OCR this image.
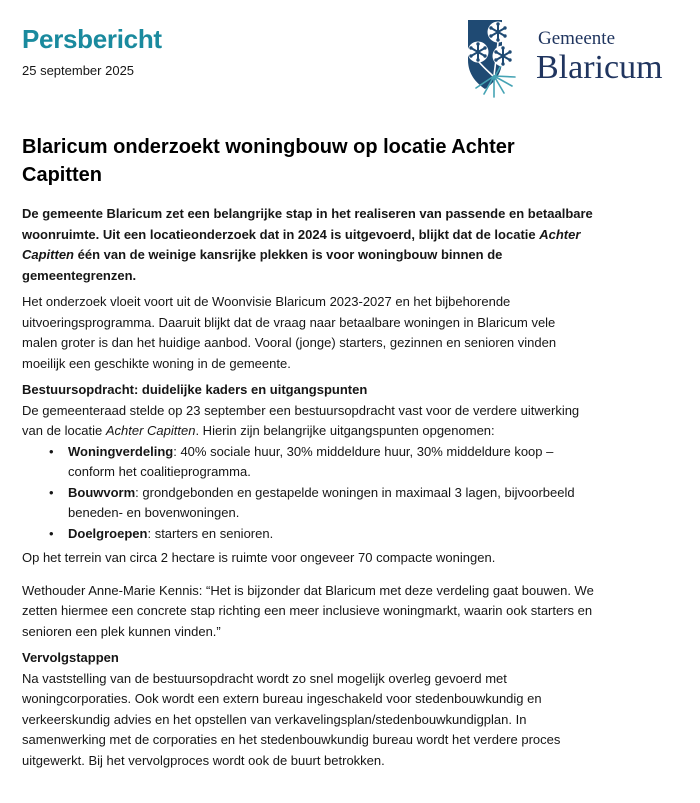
Persbericht
25 september 2025
Gemeente
Blaricum
Blaricum onderzoekt woningbouw op locatie Achter Capitten

De gemeente Blaricum zet een belangrijke stap in het realiseren van passende en betaalbare woonruimte. Uit een locatieonderzoek dat in 2024 is uitgevoerd, blijkt dat de locatie Achter Capitten één van de weinige kansrijke plekken is voor woningbouw binnen de gemeentegrenzen.

Het onderzoek vloeit voort uit de Woonvisie Blaricum 2023-2027 en het bijbehorende uitvoeringsprogramma. Daaruit blijkt dat de vraag naar betaalbare woningen in Blaricum vele malen groter is dan het huidige aanbod. Vooral (jonge) starters, gezinnen en senioren vinden moeilijk een geschikte woning in de gemeente.

Bestuursopdracht: duidelijke kaders en uitgangspunten

De gemeenteraad stelde op 23 september een bestuursopdracht vast voor de verdere uitwerking van de locatie Achter Capitten. Hierin zijn belangrijke uitgangspunten opgenomen:

• Woningverdeling: 40% sociale huur, 30% middeldure huur, 30% middeldure koop – conform het coalitieprogramma.
• Bouwvorm: grondgebonden en gestapelde woningen in maximaal 3 lagen, bijvoorbeeld beneden- en bovenwoningen.
• Doelgroepen: starters en senioren.

Op het terrein van circa 2 hectare is ruimte voor ongeveer 70 compacte woningen.

Wethouder Anne-Marie Kennis: “Het is bijzonder dat Blaricum met deze verdeling gaat bouwen. We zetten hiermee een concrete stap richting een meer inclusieve woningmarkt, waarin ook starters en senioren een plek kunnen vinden.”

Vervolgstappen

Na vaststelling van de bestuursopdracht wordt zo snel mogelijk overleg gevoerd met woningcorporaties. Ook wordt een extern bureau ingeschakeld voor stedenbouwkundig en verkeerskundig advies en het opstellen van verkavelingsplan/stedenbouwkundigplan. In samenwerking met de corporaties en het stedenbouwkundig bureau wordt het verdere proces uitgewerkt. Bij het vervolgproces wordt ook de buurt betrokken.
